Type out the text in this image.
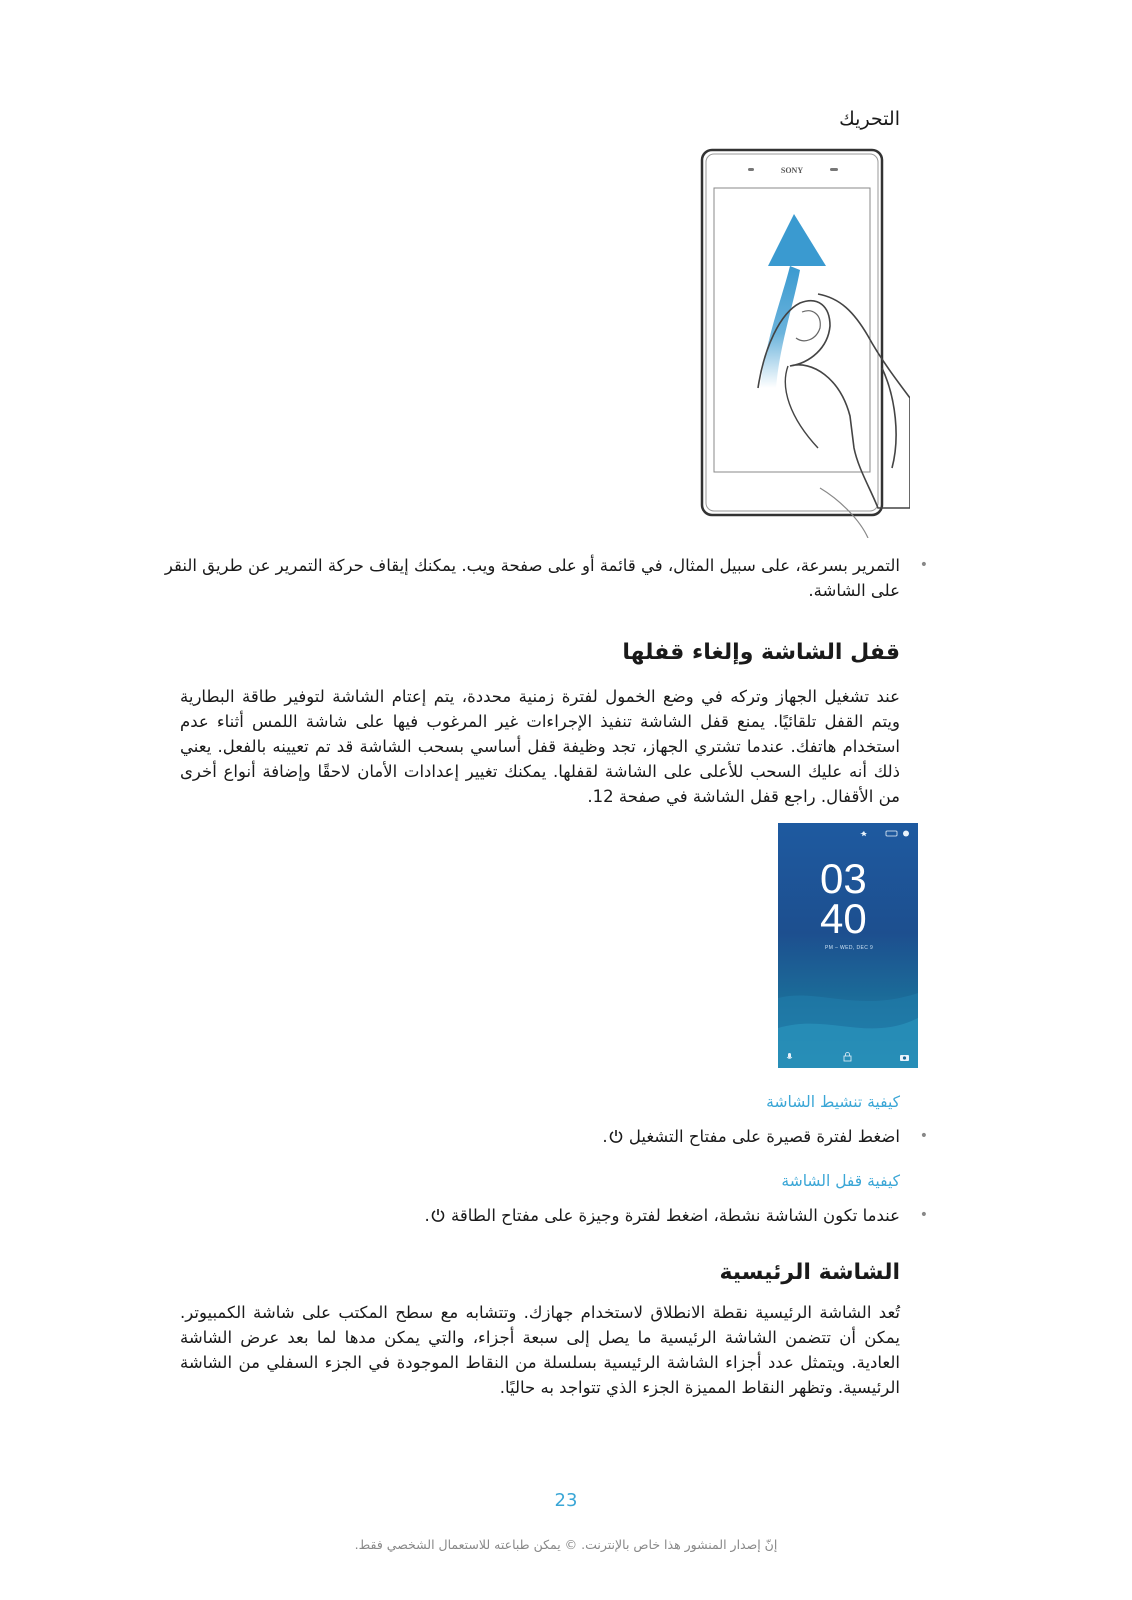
التحريك
SONY
• التمرير بسرعة، على سبيل المثال، في قائمة أو على صفحة ويب. يمكنك إيقاف حركة التمرير عن طريق النقر على الشاشة.
قفل الشاشة وإلغاء قفلها
عند تشغيل الجهاز وتركه في وضع الخمول لفترة زمنية محددة، يتم إعتام الشاشة لتوفير طاقة البطارية ويتم القفل تلقائيًا. يمنع قفل الشاشة تنفيذ الإجراءات غير المرغوب فيها على شاشة اللمس أثناء عدم استخدام هاتفك. عندما تشتري الجهاز، تجد وظيفة قفل أساسي بسحب الشاشة قد تم تعيينه بالفعل. يعني ذلك أنه عليك السحب للأعلى على الشاشة لقفلها. يمكنك تغيير إعدادات الأمان لاحقًا وإضافة أنواع أخرى من الأقفال. راجع قفل الشاشة في صفحة 12.
03
40
PM – WED, DEC 9
كيفية تنشيط الشاشة
• اضغط لفترة قصيرة على مفتاح التشغيل .
كيفية قفل الشاشة
• عندما تكون الشاشة نشطة، اضغط لفترة وجيزة على مفتاح الطاقة .
الشاشة الرئيسية
تُعد الشاشة الرئيسية نقطة الانطلاق لاستخدام جهازك. وتتشابه مع سطح المكتب على شاشة الكمبيوتر. يمكن أن تتضمن الشاشة الرئيسية ما يصل إلى سبعة أجزاء، والتي يمكن مدها لما بعد عرض الشاشة العادية. ويتمثل عدد أجزاء الشاشة الرئيسية بسلسلة من النقاط الموجودة في الجزء السفلي من الشاشة الرئيسية. وتظهر النقاط المميزة الجزء الذي تتواجد به حاليًا.
23
إنّ إصدار المنشور هذا خاص بالإنترنت. © يمكن طباعته للاستعمال الشخصي فقط.
